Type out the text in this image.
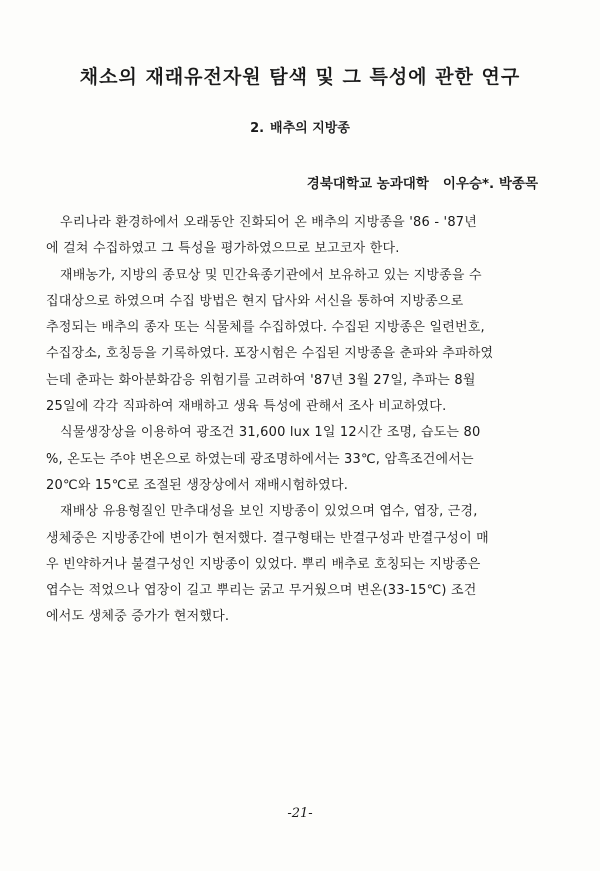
채소의 재래유전자원 탐색 및 그 특성에 관한 연구
2. 배추의 지방종
경북대학교 농과대학 이우승*. 박종목
우리나라 환경하에서 오래동안 진화되어 온 배추의 지방종을 '86 - '87년
에 걸쳐 수집하였고 그 특성을 평가하였으므로 보고코자 한다.
재배농가, 지방의 종묘상 및 민간육종기관에서 보유하고 있는 지방종을 수
집대상으로 하였으며 수집 방법은 현지 답사와 서신을 통하여 지방종으로
추정되는 배추의 종자 또는 식물체를 수집하였다. 수집된 지방종은 일련번호,
수집장소, 호칭등을 기록하였다. 포장시험은 수집된 지방종을 춘파와 추파하였
는데 춘파는 화아분화감응 위험기를 고려하여 '87년 3월 27일, 추파는 8월
25일에 각각 직파하여 재배하고 생육 특성에 관해서 조사 비교하였다.
식물생장상을 이용하여 광조건 31,600 lux 1일 12시간 조명, 습도는 80
%, 온도는 주야 변온으로 하였는데 광조명하에서는 33℃, 암흑조건에서는
20℃와 15℃로 조절된 생장상에서 재배시험하였다.
재배상 유용형질인 만추대성을 보인 지방종이 있었으며 엽수, 엽장, 근경,
생체중은 지방종간에 변이가 현저했다. 결구형태는 반결구성과 반결구성이 매
우 빈약하거나 불결구성인 지방종이 있었다. 뿌리 배추로 호칭되는 지방종은
엽수는 적었으나 엽장이 길고 뿌리는 굵고 무거웠으며 변온(33-15℃) 조건
에서도 생체중 증가가 현저했다.
-21-
